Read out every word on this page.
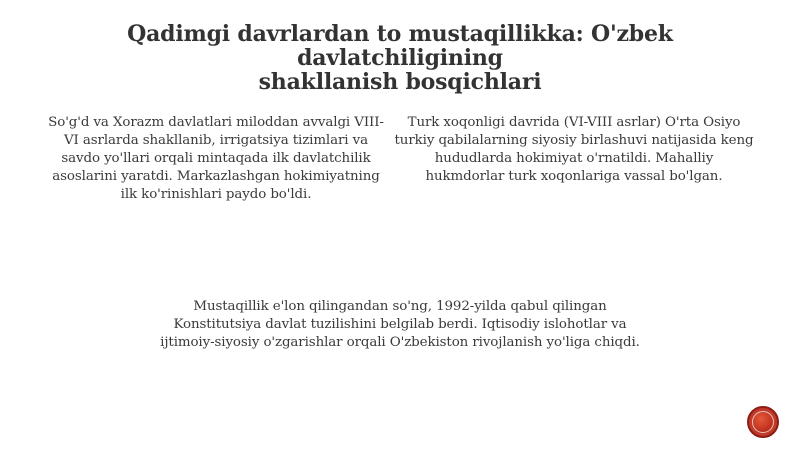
Qadimgi davrlardan to mustaqillikka: O'zbek davlatchiligining
shakllanish bosqichlari
So'g'd va Xorazm davlatlari miloddan avvalgi VIII-VI asrlarda shakllanib, irrigatsiya tizimlari va savdo yo'llari orqali mintaqada ilk davlatchilik asoslarini yaratdi. Markazlashgan hokimiyatning ilk ko'rinishlari paydo bo'ldi.
Turk xoqonligi davrida (VI-VIII asrlar) O'rta Osiyo turkiy qabilalarning siyosiy birlashuvi natijasida keng hududlarda hokimiyat o'rnatildi. Mahalliy hukmdorlar turk xoqonlariga vassal bo'lgan.
Mustaqillik e'lon qilingandan so'ng, 1992-yilda qabul qilingan Konstitutsiya davlat tuzilishini belgilab berdi. Iqtisodiy islohotlar va ijtimoiy-siyosiy o'zgarishlar orqali O'zbekiston rivojlanish yo'liga chiqdi.
